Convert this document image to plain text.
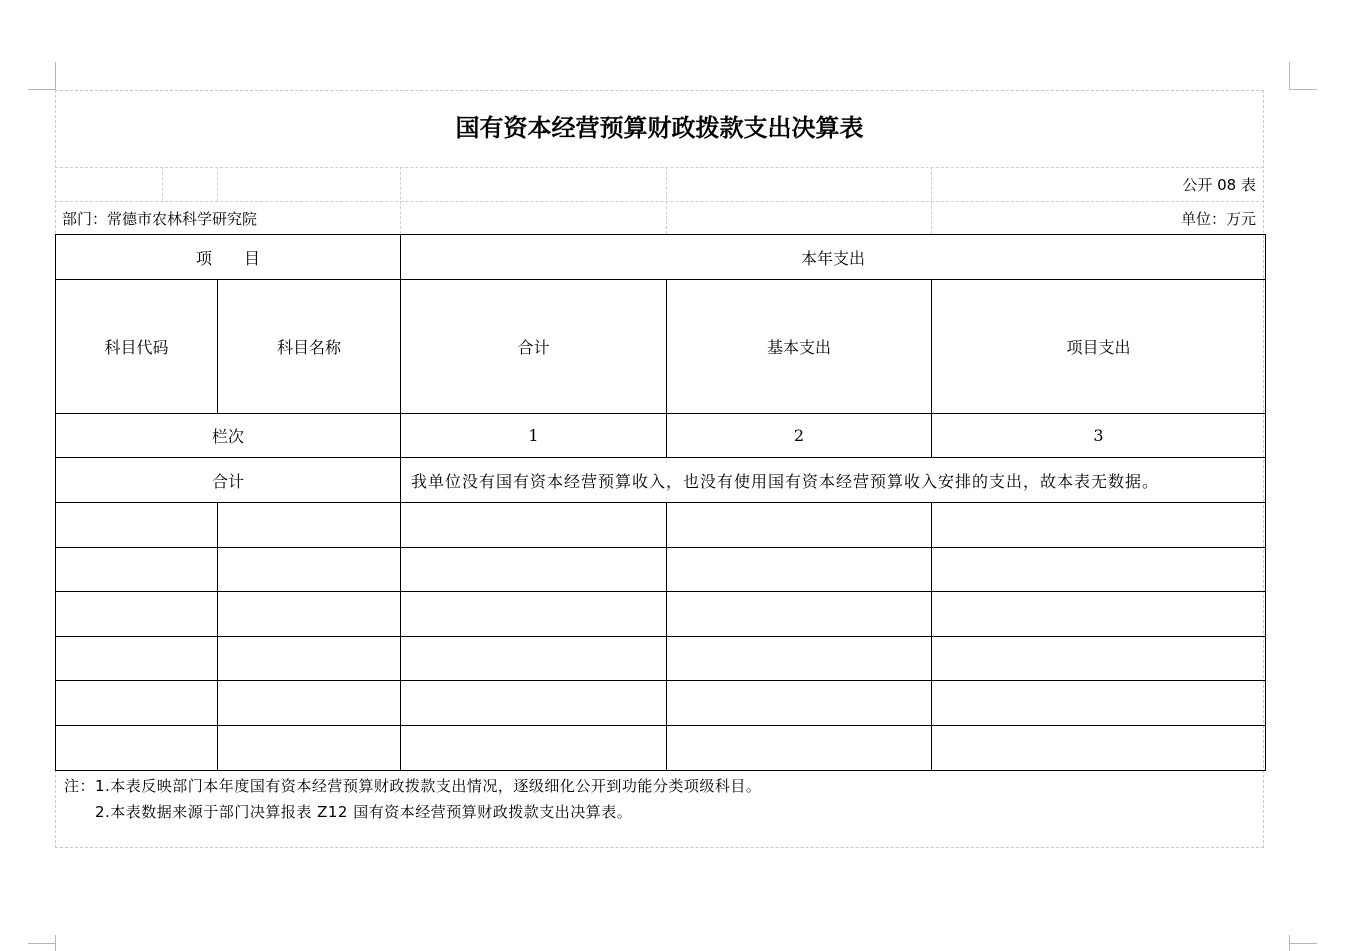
国有资本经营预算财政拨款支出决算表
公开 08 表
部门：常德市农林科学研究院	单位：万元
项　　目		本年支出		
科目代码	科目名称	合计	基本支出	项目支出
栏次		1	2	3
合计		我单位没有国有资本经营预算收入，也没有使用国有资本经营预算收入安排的支出，故本表无数据。		

注：1.本表反映部门本年度国有资本经营预算财政拨款支出情况，逐级细化公开到功能分类项级科目。
　　2.本表数据来源于部门决算报表 Z12 国有资本经营预算财政拨款支出决算表。
